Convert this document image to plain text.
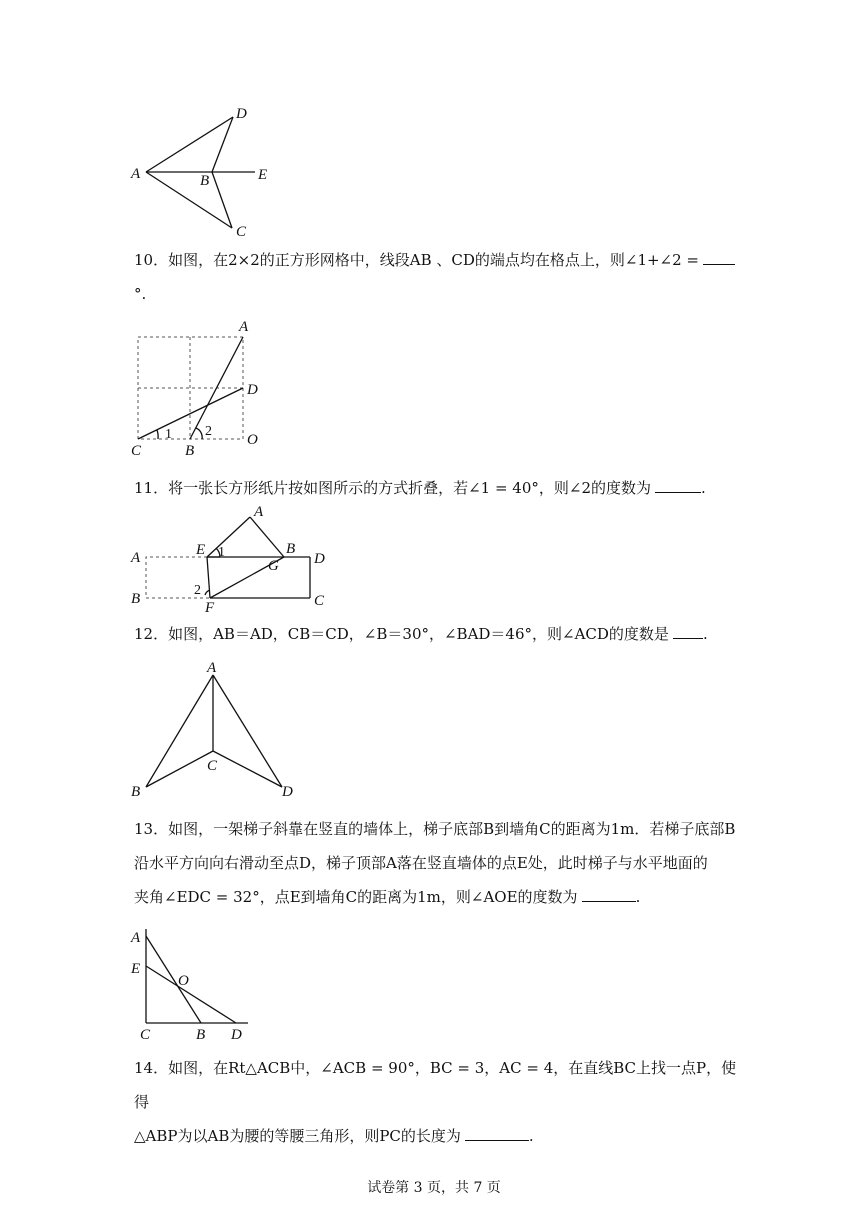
D
A	B	E
C
A
D
C	B
O
1 2
A
E	B
D
G
A
B
F	C
1
2
A
C
B	D
A
E
O
C	B D
10．如图，在2×2的正方形网格中，线段AB 、CD的端点均在格点上，则∠1+∠2 =
°.
11．将一张长方形纸片按如图所示的方式折叠，若∠1 = 40°，则∠2的度数为	.
12．如图，AB＝AD，CB＝CD，∠B＝30°，∠BAD＝46°，则∠ACD的度数是 .
13．如图，一架梯子斜靠在竖直的墙体上，梯子底部B到墙角C的距离为1m．若梯子底部B
沿水平方向向右滑动至点D，梯子顶部A落在竖直墙体的点E处，此时梯子与水平地面的
夹角∠EDC = 32°，点E到墙角C的距离为1m，则∠AOE的度数为	.
14．如图，在Rt△ACB中，∠ACB = 90°，BC = 3，AC = 4，在直线BC上找一点P，使得
△ABP为以AB为腰的等腰三角形，则PC的长度为	.
试卷第 3 页，共 7 页
